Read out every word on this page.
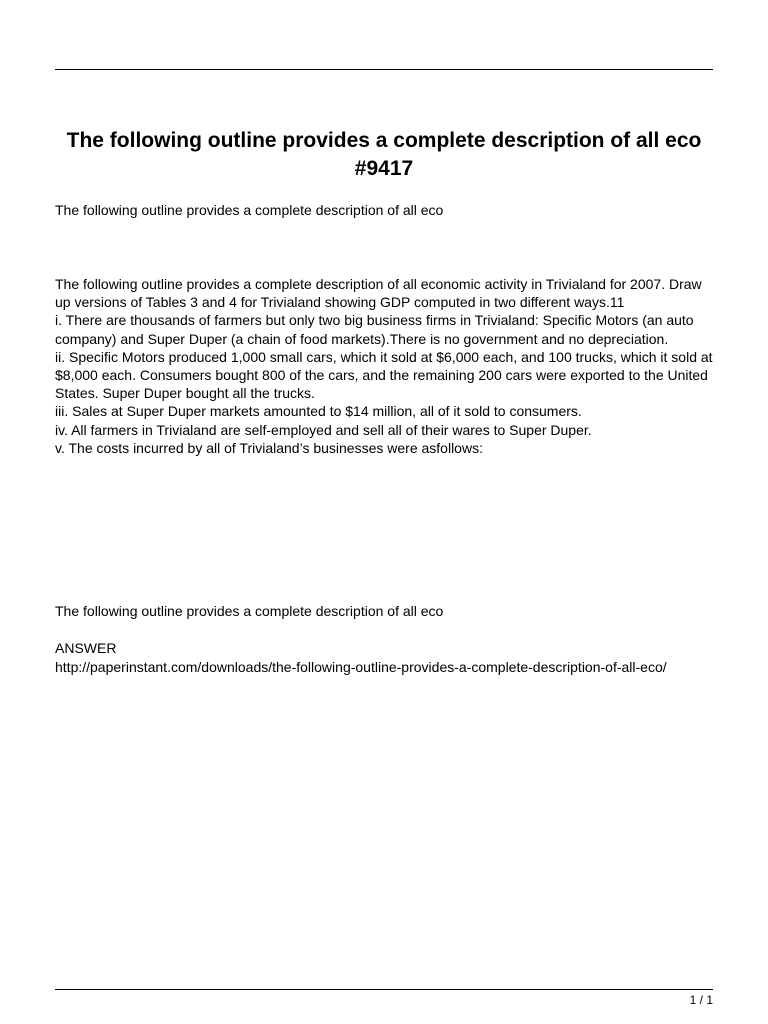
The following outline provides a complete description of all eco #9417

The following outline provides a complete description of all eco

The following outline provides a complete description of all economic activity in Trivialand for 2007. Draw up versions of Tables 3 and 4 for Trivialand showing GDP computed in two different ways.11
i. There are thousands of farmers but only two big business firms in Trivialand: Specific Motors (an auto company) and Super Duper (a chain of food markets).There is no government and no depreciation.
ii. Specific Motors produced 1,000 small cars, which it sold at $6,000 each, and 100 trucks, which it sold at $8,000 each. Consumers bought 800 of the cars, and the remaining 200 cars were exported to the United States. Super Duper bought all the trucks.
iii. Sales at Super Duper markets amounted to $14 million, all of it sold to consumers.
iv. All farmers in Trivialand are self-employed and sell all of their wares to Super Duper.
v. The costs incurred by all of Trivialand’s businesses were asfollows:

The following outline provides a complete description of all eco

ANSWER

http://paperinstant.com/downloads/the-following-outline-provides-a-complete-description-of-all-eco/

1 / 1
